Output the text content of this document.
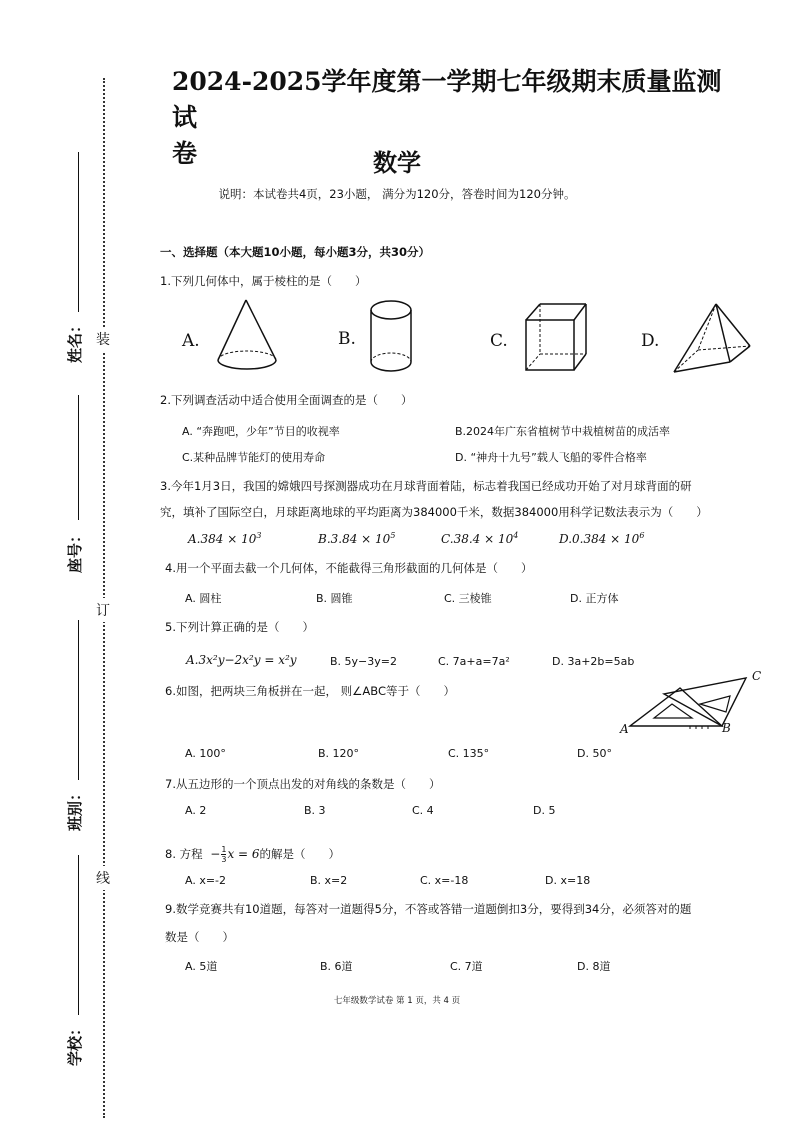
姓名：
座号：
班别：
学校：
装
订
线
2024-2025学年度第一学期七年级期末质量监测试
卷	数学
说明：本试卷共4页，23小题， 满分为120分，答卷时间为120分钟。
一、选择题（本大题10小题，每小题3分，共30分）
1.下列几何体中，属于棱柱的是（　　）
A.	B.	C.	D.
2.下列调查活动中适合使用全面调查的是（　　）
A. “奔跑吧，少年”节目的收视率	B.2024年广东省植树节中栽植树苗的成活率
C.某种品牌节能灯的使用寿命	D. “神舟十九号”载人飞船的零件合格率
3.今年1月3日，我国的嫦娥四号探测器成功在月球背面着陆，标志着我国已经成功开始了对月球背面的研
究，填补了国际空白，月球距离地球的平均距离为384000千米，数据384000用科学记数法表示为（　　）
$A.384 \times 10^3$	$B.3.84 \times 10^5$	$C.38.4 \times 10^4$	$D.0.384 \times 10^6$
4.用一个平面去截一个几何体，不能截得三角形截面的几何体是（　　）
A. 圆柱	B. 圆锥	C. 三棱锥	D. 正方体
5.下列计算正确的是（　　）
A.3x²y−2x²y = x²y	B. 5y−3y=2	C. 7a+a=7a²	D. 3a+2b=5ab
6.如图，把两块三角板拼在一起， 则∠ABC等于（　　）
A	B
C
A. 100°	B. 120°	C. 135°	D. 50°
7.从五边形的一个顶点出发的对角线的条数是（　　）
A. 2	B. 3	C. 4	D. 5
8. 方程 − $\frac{1}{3}$ x = 6的解是（　　）
A. x=-2	B. x=2	C. x=-18	D. x=18
9.数学竞赛共有10道题，每答对一道题得5分，不答或答错一道题倒扣3分，要得到34分，必须答对的题
数是（　　）
A. 5道	B. 6道	C. 7道	D. 8道
七年级数学试卷 第 1 页，共 4 页
